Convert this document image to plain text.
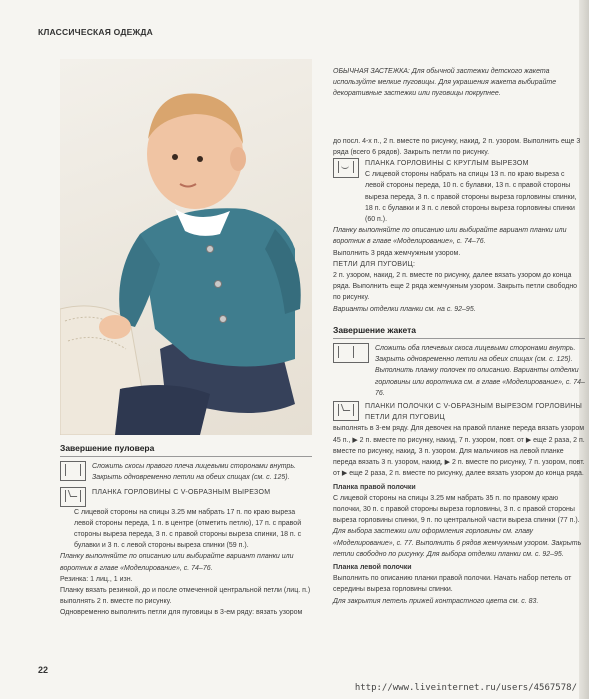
КЛАССИЧЕСКАЯ ОДЕЖДА
Завершение пуловера

Сложить скосы правого плеча лицевыми сторонами внутрь. Закрыть одновременно петли на обеих спицах (см. с. 125).

ПЛАНКА ГОРЛОВИНЫ С V-ОБРАЗНЫМ ВЫРЕЗОМ

С лицевой стороны на спицы 3.25 мм набрать 17 п. по краю выреза левой стороны переда, 1 п. в центре (отметить петлю), 17 п. с правой стороны выреза переда, 3 п. с правой стороны выреза спинки, 18 п. с булавки и 3 п. с левой стороны выреза спинки (59 п.).

Планку выполняйте по описанию или выбирайте вариант планки или воротник в главе «Моделирование», с. 74–76.

Резинка: 1 лиц., 1 изн.

Планку вязать резинкой, до и после отмеченной центральной петли (лиц. п.) выполнять 2 п. вместе по рисунку.

Одновременно выполнить петли для пуговицы в 3-ем ряду: вязать узором

ОБЫЧНАЯ ЗАСТЕЖКА: Для обычной застежки детского жакета используйте мелкие пуговицы. Для украшения жакета выбирайте декоративные застежки или пуговицы покрупнее.

до посл. 4-х п., 2 п. вместе по рисунку, накид, 2 п. узором. Выполнить еще 3 ряда (всего 6 рядов). Закрыть петли по рисунку.

ПЛАНКА ГОРЛОВИНЫ С КРУГЛЫМ ВЫРЕЗОМ

С лицевой стороны набрать на спицы 13 п. по краю выреза с левой стороны переда, 10 п. с булавки, 13 п. с правой стороны выреза переда, 3 п. с правой стороны выреза горловины спинки, 18 п. с булавки и 3 п. с левой стороны выреза горловины спинки (60 п.).

Планку выполняйте по описанию или выбирайте вариант планки или воротник в главе «Моделирование», с. 74–76.

Выполнить 3 ряда жемчужным узором.

ПЕТЛИ ДЛЯ ПУГОВИЦ:

2 п. узором, накид, 2 п. вместе по рисунку, далее вязать узором до конца ряда. Выполнить еще 2 ряда жемчужным узором. Закрыть петли свободно по рисунку.

Варианты отделки планки см. на с. 92–95.

Завершение жакета

Сложить оба плечевых скоса лицевыми сторонами внутрь. Закрыть одновременно петли на обеих спицах (см. с. 125). Выполнить планку полочек по описанию. Варианты отделки горловины или воротника см. в главе «Моделирование», с. 74–76.

ПЛАНКИ ПОЛОЧКИ С V-ОБРАЗНЫМ ВЫРЕЗОМ ГОРЛОВИНЫ ПЕТЛИ ДЛЯ ПУГОВИЦ

выполнять в 3-ем ряду. Для девочек на правой планке переда вязать узором 45 п., ▶ 2 п. вместе по рисунку, накид, 7 п. узором, повт. от ▶ еще 2 раза, 2 п. вместе по рисунку, накид, 3 п. узором. Для мальчиков на левой планке переда вязать 3 п. узором, накид, ▶ 2 п. вместе по рисунку, 7 п. узором, повт. от ▶ еще 2 раза, 2 п. вместе по рисунку, далее вязать узором до конца ряда.

Планка правой полочки

С лицевой стороны на спицы 3.25 мм набрать 35 п. по правому краю полочки, 30 п. с правой стороны выреза горловины, 3 п. с правой стороны выреза горловины спинки, 9 п. по центральной части выреза спинки (77 п.).

Для выбора застежки или оформления горловины см. главу «Моделирование», с. 77. Выполнить 6 рядов жемчужным узором. Закрыть петли свободно по рисунку. Для выбора отделки планки см. с. 92–95.

Планка левой полочки

Выполнить по описанию планки правой полочки. Начать набор петель от середины выреза горловины спинки.

Для закрытия петель прижей контрастного цвета см. с. 83.

22
http://www.liveinternet.ru/users/4567578/
